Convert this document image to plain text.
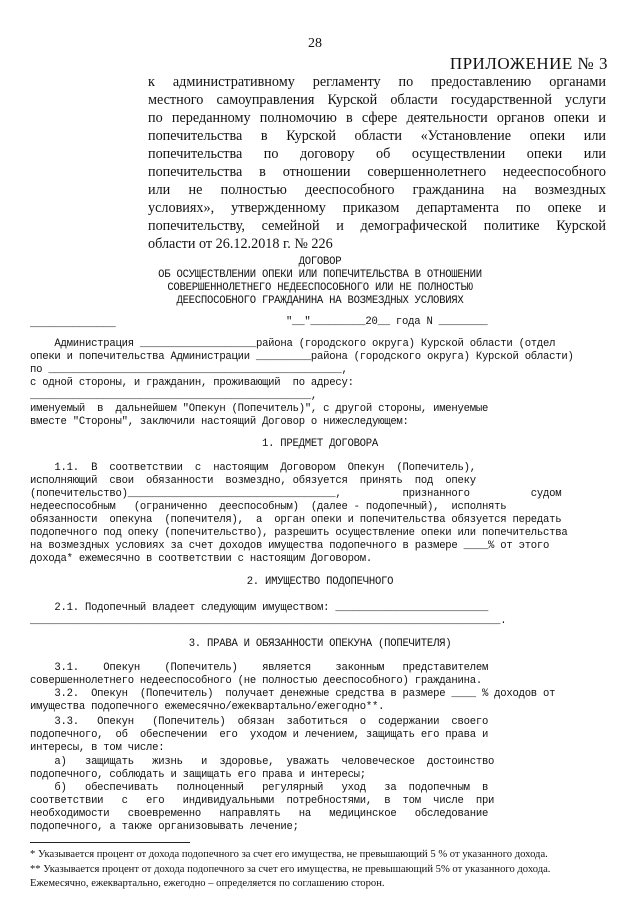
28
ПРИЛОЖЕНИЕ № 3
к административному регламенту по предоставлению органами
местного самоуправления Курской области государственной услуги
по переданному полномочию в сфере деятельности органов опеки и
попечительства в Курской области «Установление опеки или
попечительства по договору об осуществлении опеки или
попечительства в отношении совершеннолетнего недееспособного
или не полностью дееспособного гражданина на возмездных
условиях», утвержденному приказом департамента по опеке и
попечительству, семейной и демографической политике Курской
области от 26.12.2018 г. № 226
ДОГОВОР
ОБ ОСУЩЕСТВЛЕНИИ ОПЕКИ ИЛИ ПОПЕЧИТЕЛЬСТВА В ОТНОШЕНИИ
СОВЕРШЕННОЛЕТНЕГО НЕДЕЕСПОСОБНОГО ИЛИ НЕ ПОЛНОСТЬЮ
ДЕЕСПОСОБНОГО ГРАЖДАНИНА НА ВОЗМЕЗДНЫХ УСЛОВИЯХ
______________	"__"_________20__ года N ________
Администрация ___________________района (городского округа) Курской области (отдел
опеки и попечительства Администрации _________района (городского округа) Курской области)
по ________________________________________________,
с одной стороны, и гражданин, проживающий  по адресу:
______________________________________________,
именуемый  в  дальнейшем "Опекун (Попечитель)", с другой стороны, именуемые
вместе "Стороны", заключили настоящий Договор о нижеследующем:
1. ПРЕДМЕТ ДОГОВОРА
1.1.  В  соответствии  с  настоящим  Договором  Опекун  (Попечитель),
исполняющий  свои  обязанности  возмездно, обязуется  принять  под  опеку
(попечительство)__________________________________,          признанного          судом
недееспособным   (ограниченно  дееспособным)  (далее - подопечный),  исполнять
обязанности  опекуна  (попечителя),  а  орган опеки и попечительства обязуется передать
подопечного под опеку (попечительство), разрешить осуществление опеки или попечительства
на возмездных условиях за счет доходов имущества подопечного в размере ____% от этого
дохода* ежемесячно в соответствии с настоящим Договором.
2. ИМУЩЕСТВО ПОДОПЕЧНОГО
2.1. Подопечный владеет следующим имуществом: _________________________
_____________________________________________________________________________.
3. ПРАВА И ОБЯЗАННОСТИ ОПЕКУНА (ПОПЕЧИТЕЛЯ)
3.1.    Опекун    (Попечитель)    является    законным   представителем
совершеннолетнего недееспособного (не полностью дееспособного) гражданина.
3.2.  Опекун  (Попечитель)  получает денежные средства в размере ____ % доходов от
имущества подопечного ежемесячно/ежеквартально/ежегодно**.
3.3.   Опекун   (Попечитель)  обязан  заботиться  о  содержании  своего
подопечного,  об  обеспечении  его  уходом и лечением, защищать его права и
интересы, в том числе:
а)   защищать   жизнь   и  здоровье,  уважать  человеческое  достоинство
подопечного, соблюдать и защищать его права и интересы;
б)   обеспечивать   полноценный   регулярный   уход   за  подопечным  в
соответствии   с   его   индивидуальными  потребностями,  в  том  числе  при
необходимости   своевременно   направлять   на   медицинское   обследование
подопечного, а также организовывать лечение;
* Указывается процент от дохода подопечного за счет его имущества, не превышающий 5 % от указанного дохода.
** Указывается процент от дохода подопечного за счет его имущества, не превышающий 5% от указанного дохода.
Ежемесячно, ежеквартально, ежегодно – определяется по соглашению сторон.
